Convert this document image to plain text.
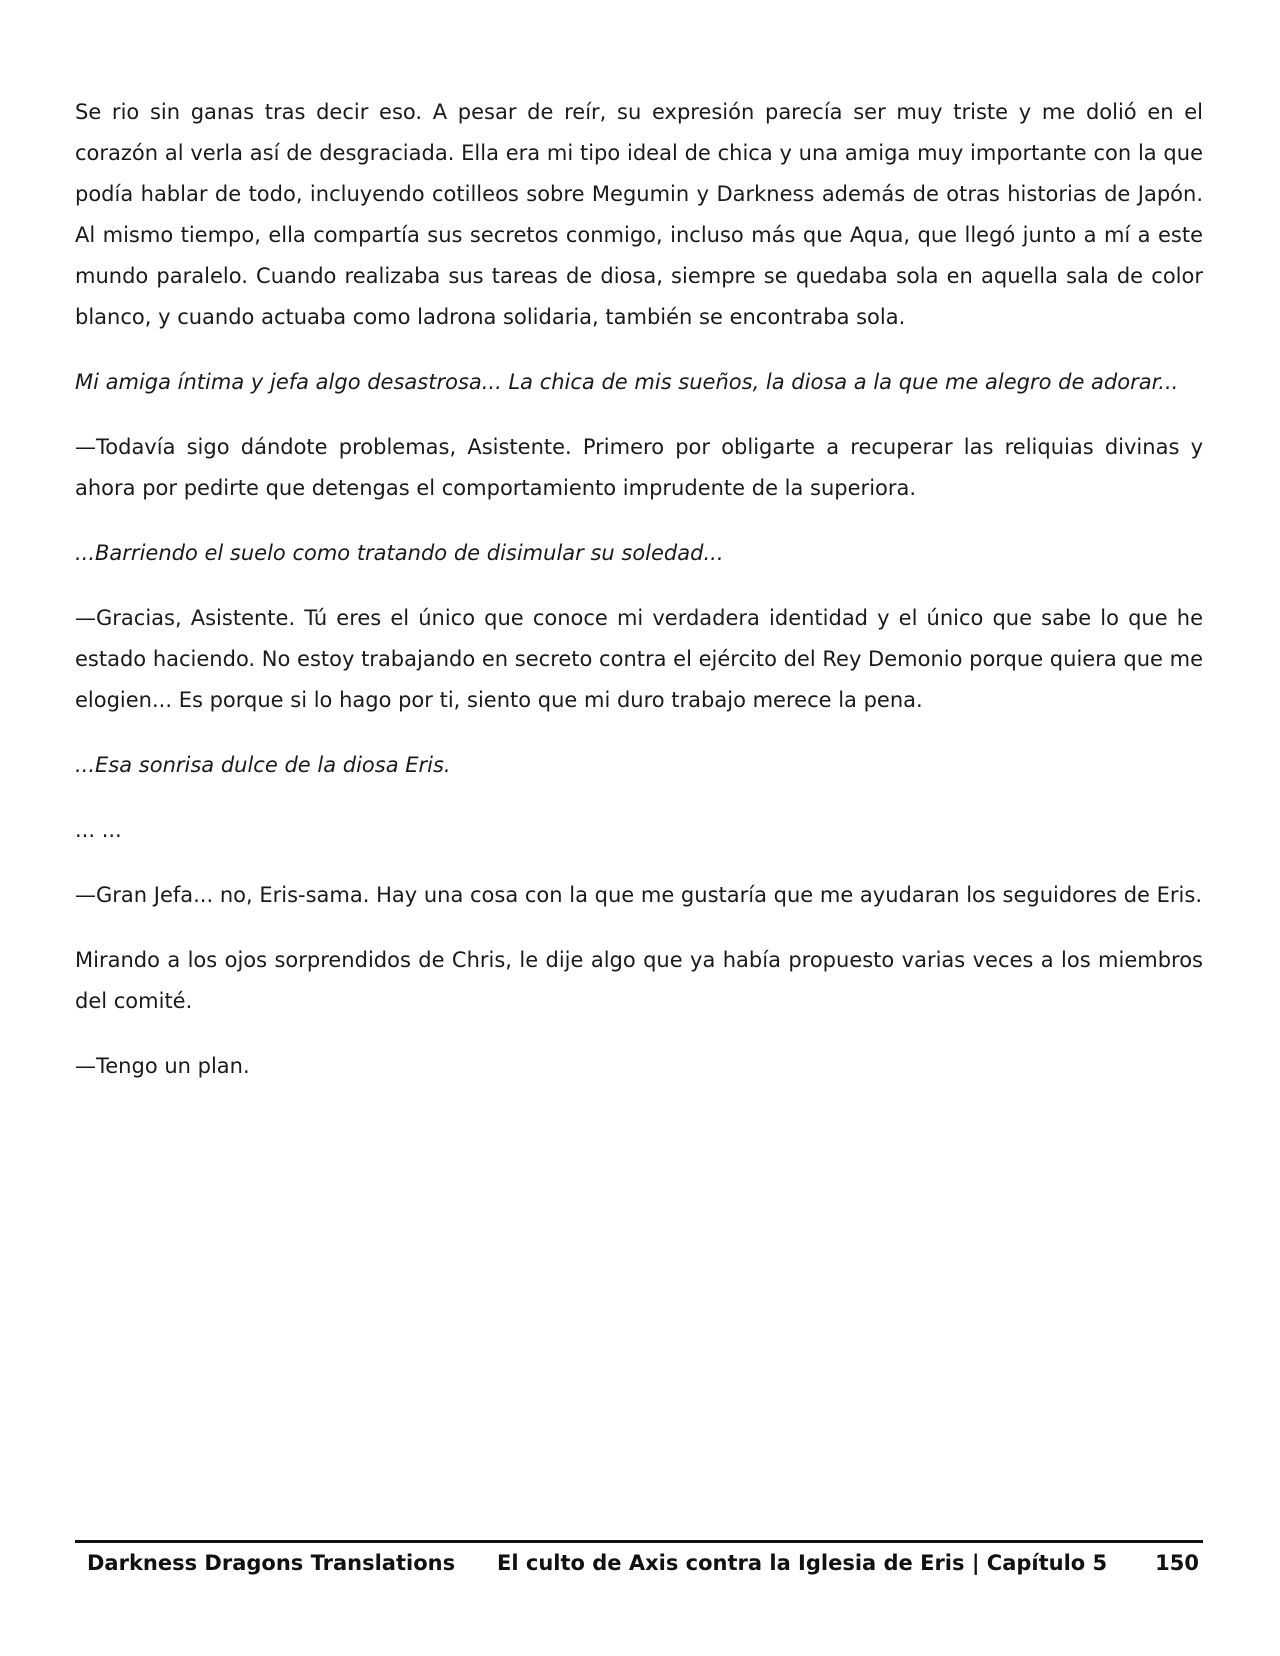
Se rio sin ganas tras decir eso. A pesar de reír, su expresión parecía ser muy triste y me dolió en el corazón al verla así de desgraciada. Ella era mi tipo ideal de chica y una amiga muy importante con la que podía hablar de todo, incluyendo cotilleos sobre Megumin y Darkness además de otras historias de Japón. Al mismo tiempo, ella compartía sus secretos conmigo, incluso más que Aqua, que llegó junto a mí a este mundo paralelo. Cuando realizaba sus tareas de diosa, siempre se quedaba sola en aquella sala de color blanco, y cuando actuaba como ladrona solidaria, también se encontraba sola.

Mi amiga íntima y jefa algo desastrosa... La chica de mis sueños, la diosa a la que me alegro de adorar...

—Todavía sigo dándote problemas, Asistente. Primero por obligarte a recuperar las reliquias divinas y ahora por pedirte que detengas el comportamiento imprudente de la superiora.

...Barriendo el suelo como tratando de disimular su soledad...

—Gracias, Asistente. Tú eres el único que conoce mi verdadera identidad y el único que sabe lo que he estado haciendo. No estoy trabajando en secreto contra el ejército del Rey Demonio porque quiera que me elogien... Es porque si lo hago por ti, siento que mi duro trabajo merece la pena.

...Esa sonrisa dulce de la diosa Eris.

... ...

—Gran Jefa... no, Eris-sama. Hay una cosa con la que me gustaría que me ayudaran los seguidores de Eris.

Mirando a los ojos sorprendidos de Chris, le dije algo que ya había propuesto varias veces a los miembros del comité.

—Tengo un plan.

Darkness Dragons Translations	El culto de Axis contra la Iglesia de Eris | Capítulo 5 150
